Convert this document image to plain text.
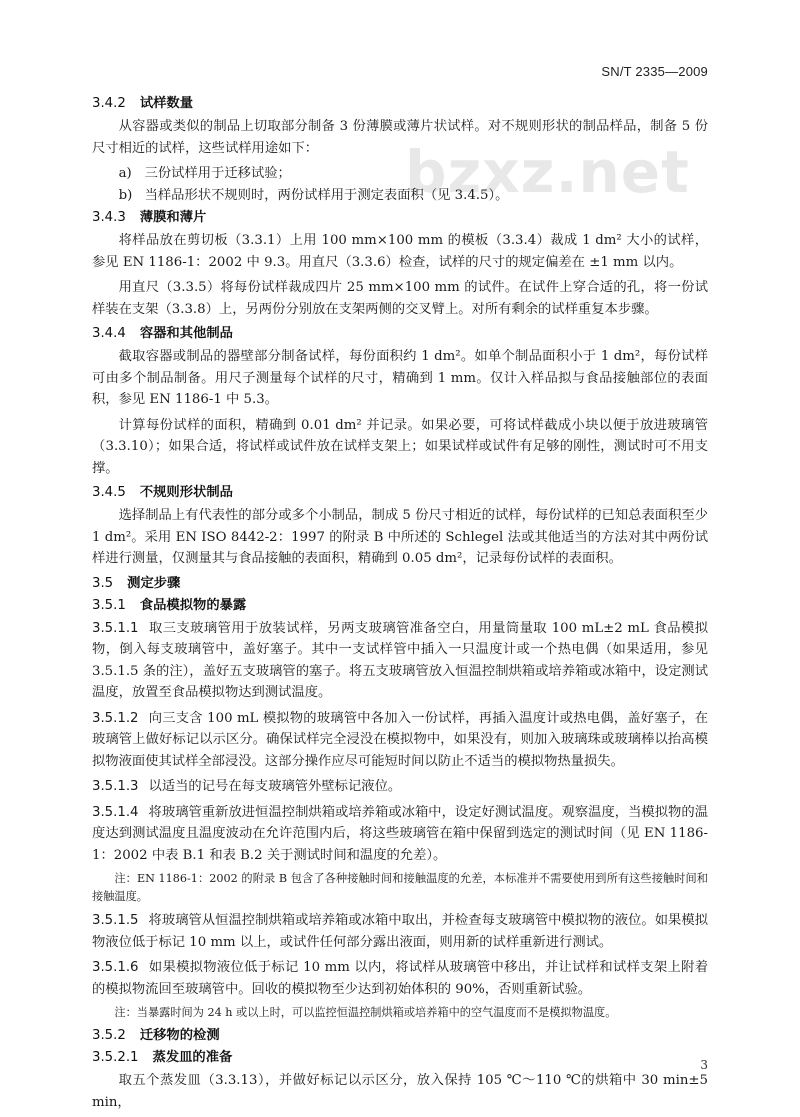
SN/T 2335—2009
bzxz.net
3.4.2 试样数量

从容器或类似的制品上切取部分制备 3 份薄膜或薄片状试样。对不规则形状的制品样品，制备 5 份尺寸相近的试样，这些试样用途如下：

a) 三份试样用于迁移试验；
b) 当样品形状不规则时，两份试样用于测定表面积（见 3.4.5）。
3.4.3 薄膜和薄片

将样品放在剪切板（3.3.1）上用 100 mm×100 mm 的模板（3.3.4）裁成 1 dm² 大小的试样，参见 EN 1186-1：2002 中 9.3。用直尺（3.3.6）检查，试样的尺寸的规定偏差在 ±1 mm 以内。

用直尺（3.3.5）将每份试样裁成四片 25 mm×100 mm 的试件。在试件上穿合适的孔，将一份试样装在支架（3.3.8）上，另两份分别放在支架两侧的交叉臂上。对所有剩余的试样重复本步骤。

3.4.4 容器和其他制品

截取容器或制品的器壁部分制备试样，每份面积约 1 dm²。如单个制品面积小于 1 dm²，每份试样可由多个制品制备。用尺子测量每个试样的尺寸，精确到 1 mm。仅计入样品拟与食品接触部位的表面积，参见 EN 1186-1 中 5.3。

计算每份试样的面积，精确到 0.01 dm² 并记录。如果必要，可将试样截成小块以便于放进玻璃管（3.3.10）；如果合适，将试样或试件放在试样支架上；如果试样或试件有足够的刚性，测试时可不用支撑。

3.4.5 不规则形状制品

选择制品上有代表性的部分或多个小制品，制成 5 份尺寸相近的试样，每份试样的已知总表面积至少 1 dm²。采用 EN ISO 8442-2：1997 的附录 B 中所述的 Schlegel 法或其他适当的方法对其中两份试样进行测量，仅测量其与食品接触的表面积，精确到 0.05 dm²，记录每份试样的表面积。

3.5 测定步骤
3.5.1 食品模拟物的暴露

3.5.1.1 取三支玻璃管用于放装试样，另两支玻璃管准备空白，用量筒量取 100 mL±2 mL 食品模拟物，倒入每支玻璃管中，盖好塞子。其中一支试样管中插入一只温度计或一个热电偶（如果适用，参见 3.5.1.5 条的注），盖好五支玻璃管的塞子。将五支玻璃管放入恒温控制烘箱或培养箱或冰箱中，设定测试温度，放置至食品模拟物达到测试温度。

3.5.1.2 向三支含 100 mL 模拟物的玻璃管中各加入一份试样，再插入温度计或热电偶，盖好塞子，在玻璃管上做好标记以示区分。确保试样完全浸没在模拟物中，如果没有，则加入玻璃珠或玻璃棒以抬高模拟物液面使其试样全部浸没。这部分操作应尽可能短时间以防止不适当的模拟物热量损失。

3.5.1.3 以适当的记号在每支玻璃管外壁标记液位。

3.5.1.4 将玻璃管重新放进恒温控制烘箱或培养箱或冰箱中，设定好测试温度。观察温度，当模拟物的温度达到测试温度且温度波动在允许范围内后，将这些玻璃管在箱中保留到选定的测试时间（见 EN 1186-1：2002 中表 B.1 和表 B.2 关于测试时间和温度的允差）。

注：EN 1186-1：2002 的附录 B 包含了各种接触时间和接触温度的允差，本标准并不需要使用到所有这些接触时间和接触温度。

3.5.1.5 将玻璃管从恒温控制烘箱或培养箱或冰箱中取出，并检查每支玻璃管中模拟物的液位。如果模拟物液位低于标记 10 mm 以上，或试件任何部分露出液面，则用新的试样重新进行测试。

3.5.1.6 如果模拟物液位低于标记 10 mm 以内，将试样从玻璃管中移出，并让试样和试样支架上附着的模拟物流回至玻璃管中。回收的模拟物至少达到初始体积的 90%，否则重新试验。

注：当暴露时间为 24 h 或以上时，可以监控恒温控制烘箱或培养箱中的空气温度而不是模拟物温度。

3.5.2 迁移物的检测
3.5.2.1 蒸发皿的准备

取五个蒸发皿（3.3.13），并做好标记以示区分，放入保持 105 ℃～110 ℃的烘箱中 30 min±5 min，

3
